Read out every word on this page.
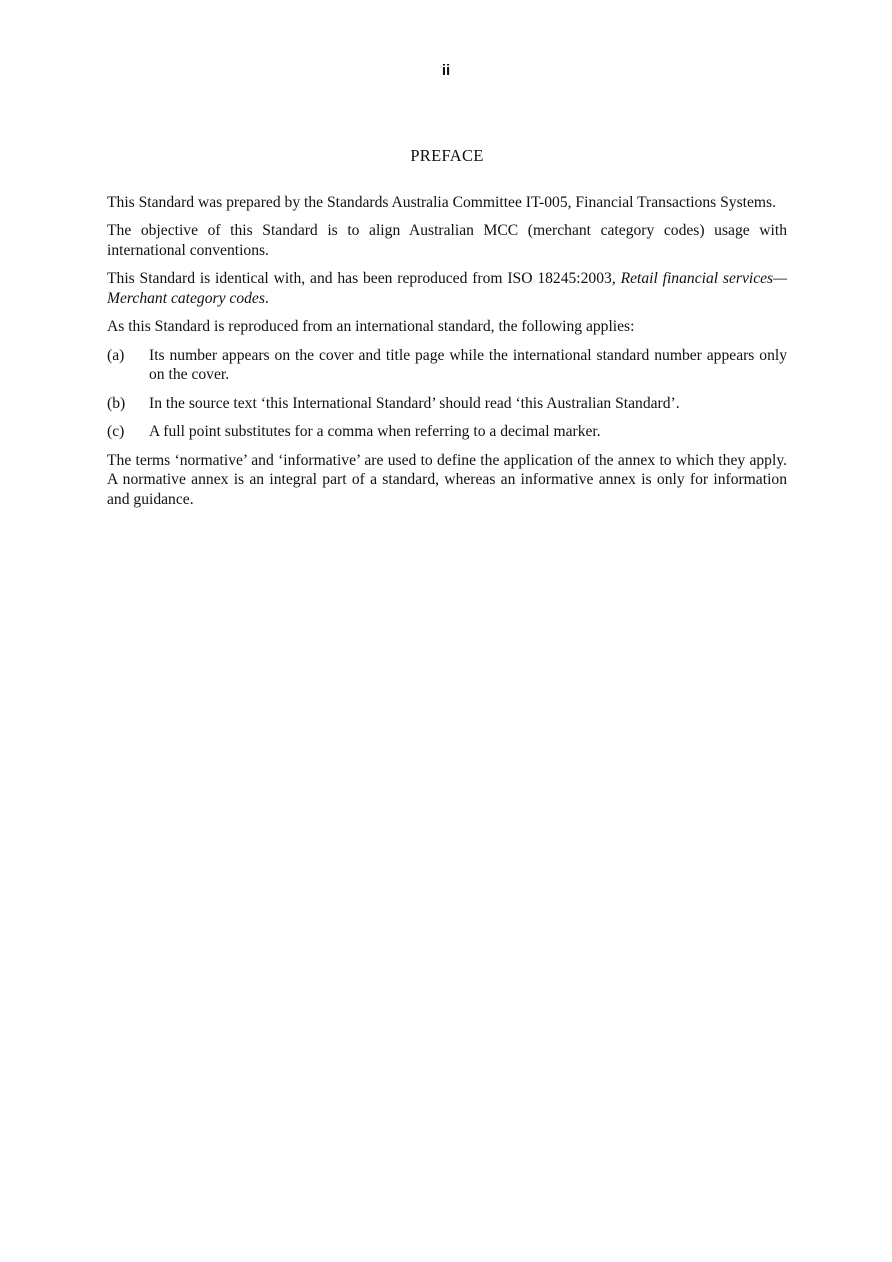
ii
PREFACE

This Standard was prepared by the Standards Australia Committee IT-005, Financial Transactions Systems.

The objective of this Standard is to align Australian MCC (merchant category codes) usage with international conventions.

This Standard is identical with, and has been reproduced from ISO 18245:2003, Retail financial services—Merchant category codes.

As this Standard is reproduced from an international standard, the following applies:

(a)	Its number appears on the cover and title page while the international standard number appears only on the cover.
(b)	In the source text ‘this International Standard’ should read ‘this Australian Standard’.
(c)	A full point substitutes for a comma when referring to a decimal marker.

The terms ‘normative’ and ‘informative’ are used to define the application of the annex to which they apply. A normative annex is an integral part of a standard, whereas an informative annex is only for information and guidance.
